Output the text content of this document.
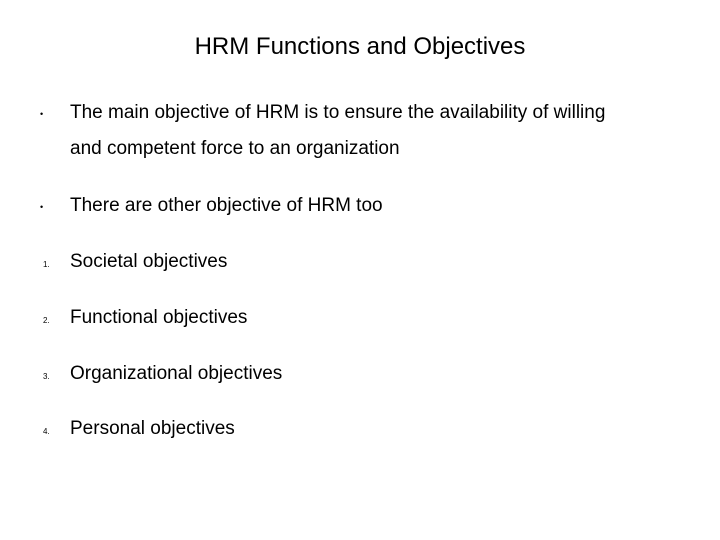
HRM Functions and Objectives
• The main objective of HRM is to ensure the availability of willing
and competent force to an organization
• There are other objective of HRM too
1. Societal objectives
2. Functional objectives
3. Organizational objectives
4. Personal objectives
